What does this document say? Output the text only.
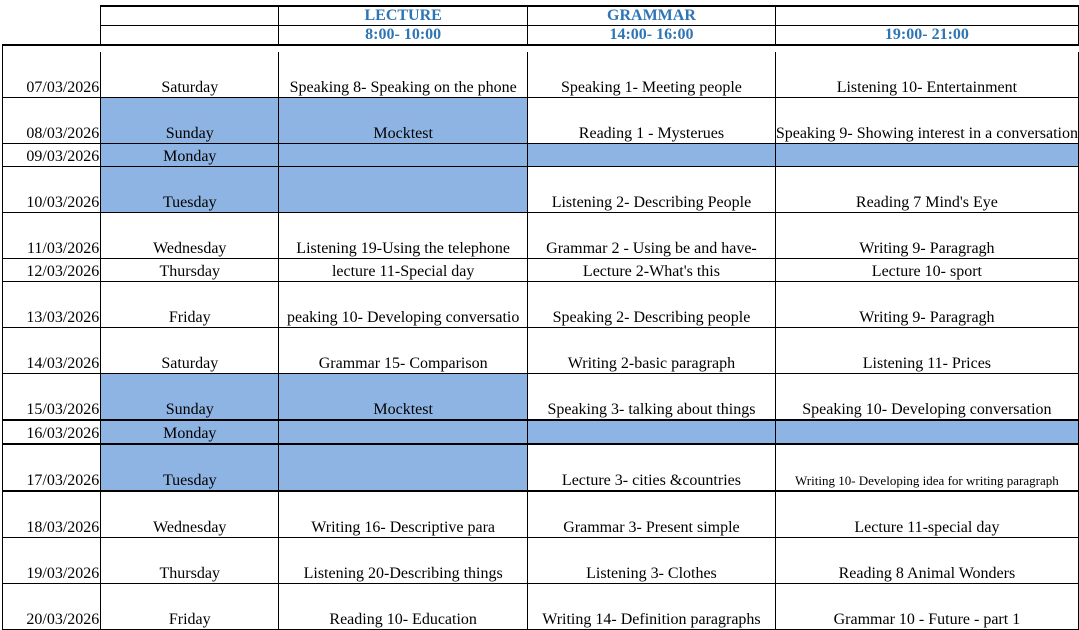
		LECTURE	GRAMMAR	
		8:00- 10:00	14:00- 16:00	19:00- 21:00

07/03/2026	Saturday	Speaking 8- Speaking on the phone	Speaking 1- Meeting people	Listening 10- Entertainment
08/03/2026	Sunday	Mocktest	Reading 1 - Mysterues	Speaking 9- Showing interest in a conversation
09/03/2026	Monday			
10/03/2026	Tuesday		Listening 2- Describing People	Reading 7 Mind's Eye
11/03/2026	Wednesday	Listening 19-Using the telephone	Grammar 2 - Using be and have-	Writing 9- Paragragh
12/03/2026	Thursday	lecture 11-Special day	Lecture 2-What's this	Lecture 10- sport
13/03/2026	Friday	peaking 10- Developing conversatio	Speaking 2- Describing people	Writing 9- Paragragh
14/03/2026	Saturday	Grammar 15- Comparison	Writing 2-basic paragraph	Listening 11- Prices
15/03/2026	Sunday	Mocktest	Speaking 3- talking about things	Speaking 10- Developing conversation
16/03/2026	Monday			
17/03/2026	Tuesday		Lecture 3- cities &countries	Writing 10- Developing idea for writing paragraph
18/03/2026	Wednesday	Writing 16- Descriptive para	Grammar 3- Present simple	Lecture 11-special day
19/03/2026	Thursday	Listening 20-Describing things	Listening 3- Clothes	Reading 8 Animal Wonders
20/03/2026	Friday	Reading 10- Education	Writing 14- Definition paragraphs	Grammar 10 - Future - part 1
